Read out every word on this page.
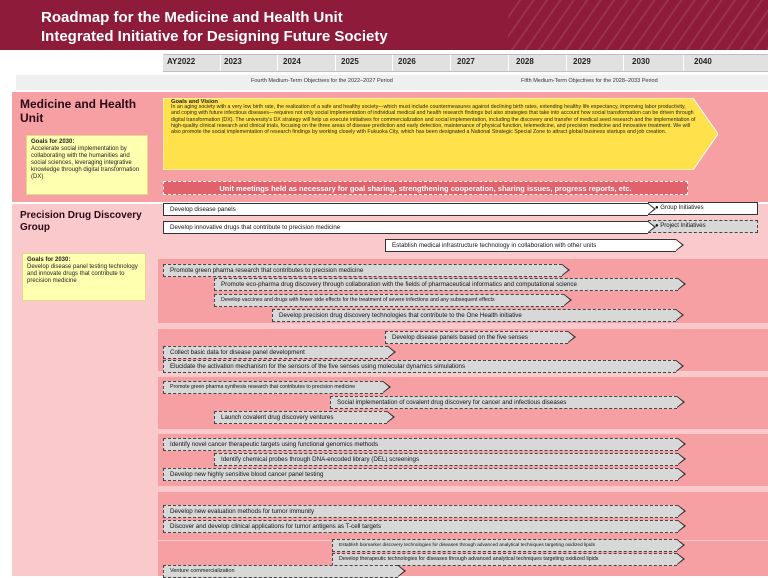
Roadmap for the Medicine and Health Unit
Integrated Initiative for Designing Future Society
AY2022	2023	2024	2025	2026	2027	2028	2029	2030	2040
Fourth Medium-Term Objectives for the 2022–2027 Period	Fifth Medium-Term Objectives for the 2028–2033 Period
Medicine and Health Unit
Goals for 2030:
Accelerate social implementation by collaborating with the humanities and social sciences, leveraging integrative knowledge through digital transformation (DX)
Goals and Vision
In an aging society with a very low birth rate, the realization of a safe and healthy society—which must include countermeasures against declining birth rates, extending healthy life expectancy, improving labor productivity, and coping with future infectious diseases—requires not only social implementation of individual medical and health research findings but also strategies that take into account how social transformation can be driven through digital transformation (DX). The university's DX strategy will help us execute initiatives for commercialization and social implementation, including the discovery and transfer of medical seed research and the implementation of high-quality clinical research and clinical trials, focusing on the three areas of disease prediction and early detection, maintenance of physical function, telemedicine, and precision medicine and innovative treatment. We will also promote the social implementation of research findings by working closely with Fukuoka City, which has been designated a National Strategic Special Zone to attract global business startups and job creation.
Unit meetings held as necessary for goal sharing, strengthening cooperation, sharing issues, progress reports, etc.
Precision Drug Discovery Group
Goals for 2030:
Develop disease panel testing technology and innovate drugs that contribute to precision medicine
● Group Initiatives
● Project Initiatives
Develop disease panels
Develop innovative drugs that contribute to precision medicine
Establish medical infrastructure technology in collaboration with other units
Promote green pharma research that contributes to precision medicine
Promote eco-pharma drug discovery through collaboration with the fields of pharmaceutical informatics and computational science
Develop vaccines and drugs with fewer side effects for the treatment of severe infections and any subsequent effects
Develop precision drug discovery technologies that contribute to the One Health initiative
Develop disease panels based on the five senses
Collect basic data for disease panel development
Elucidate the activation mechanism for the sensors of the five senses using molecular dynamics simulations
Promote green pharma synthesis research that contributes to precision medicine
Social implementation of covalent drug discovery for cancer and infectious diseases
Launch covalent drug discovery ventures
Identify novel cancer therapeutic targets using functional genomics methods
Identify chemical probes through DNA-encoded library (DEL) screenings
Develop new highly sensitive blood cancer panel testing
Develop new evaluation methods for tumor immunity
Discover and develop clinical applications for tumor antigens as T-cell targets
Establish biomarker discovery technologies for diseases through advanced analytical techniques targeting oxidized lipids
Develop therapeutic technologies for diseases through advanced analytical techniques targeting oxidized lipids
Venture commercialization
